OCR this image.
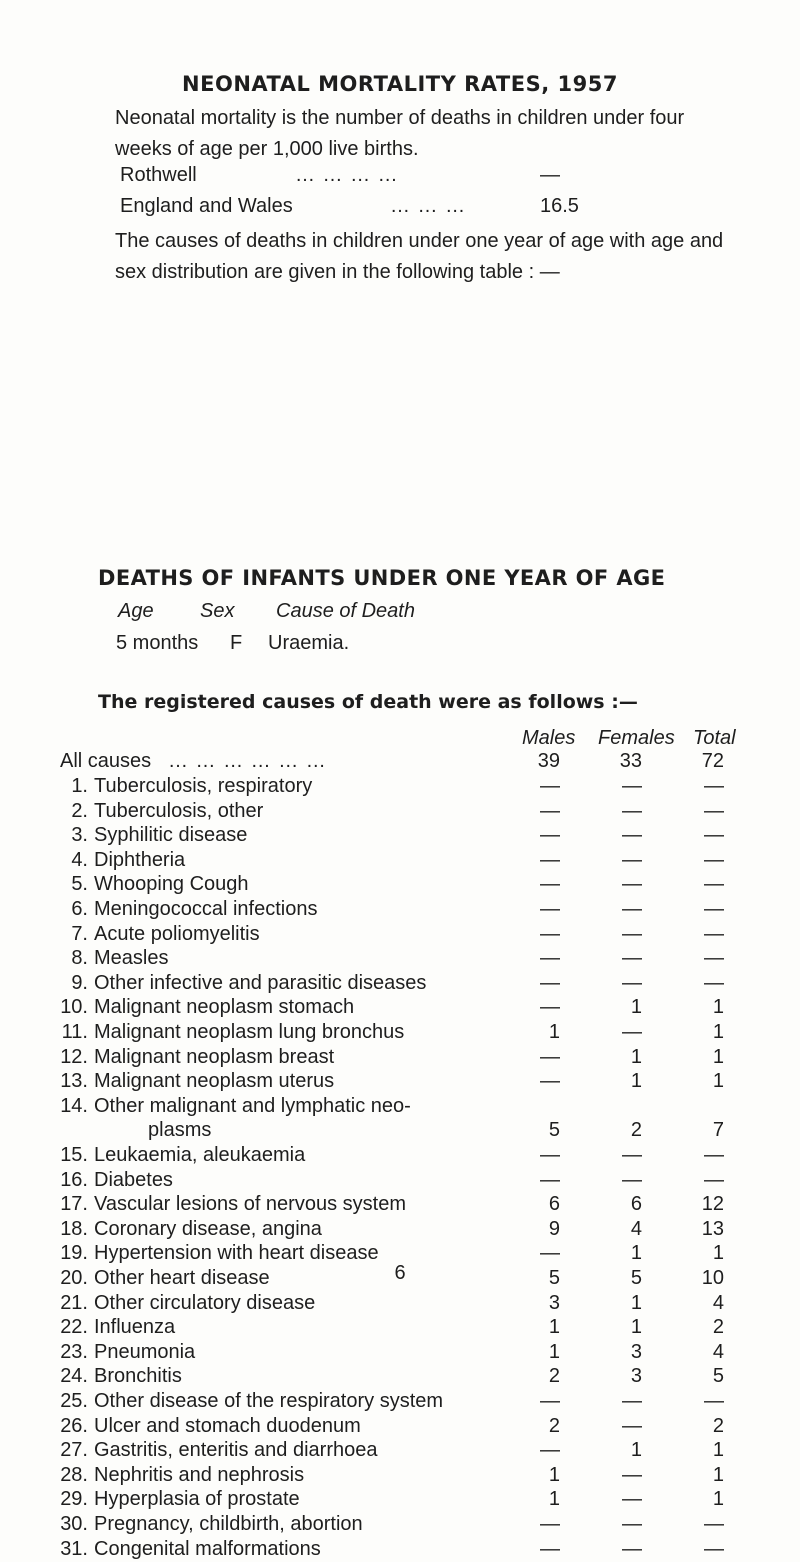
NEONATAL MORTALITY RATES, 1957
Neonatal mortality is the number of deaths in children under four weeks of age per 1,000 live births.
Rothwell	… … … …	—
England and Wales	… … …	16.5
The causes of deaths in children under one year of age with age and sex distribution are given in the following table : —
DEATHS OF INFANTS UNDER ONE YEAR OF AGE
Age Sex Cause of Death
5 months F Uraemia.
The registered causes of death were as follows :—
Males Females Total
All causes … … … … … …	39	33	72
1. Tuberculosis, respiratory	—	—	—
2. Tuberculosis, other	—	—	—
3. Syphilitic disease	—	—	—
4. Diphtheria	—	—	—
5. Whooping Cough	—	—	—
6. Meningococcal infections	—	—	—
7. Acute poliomyelitis	—	—	—
8. Measles	—	—	—
9. Other infective and parasitic diseases	—	—	—
10. Malignant neoplasm stomach	—	1	1
11. Malignant neoplasm lung bronchus	1	—	1
12. Malignant neoplasm breast	—	1	1
13. Malignant neoplasm uterus	—	1	1
14. Other malignant and lymphatic neo-
plasms	5	2	7
15. Leukaemia, aleukaemia	—	—	—
16. Diabetes	—	—	—
17. Vascular lesions of nervous system	6	6	12
18. Coronary disease, angina	9	4	13
19. Hypertension with heart disease	—	1	1
20. Other heart disease	5	5	10
21. Other circulatory disease	3	1	4
22. Influenza	1	1	2
23. Pneumonia	1	3	4
24. Bronchitis	2	3	5
25. Other disease of the respiratory system	—	—	—
26. Ulcer and stomach duodenum	2	—	2
27. Gastritis, enteritis and diarrhoea	—	1	1
28. Nephritis and nephrosis	1	—	1
29. Hyperplasia of prostate	1	—	1
30. Pregnancy, childbirth, abortion	—	—	—
31. Congenital malformations	—	—	—
6
